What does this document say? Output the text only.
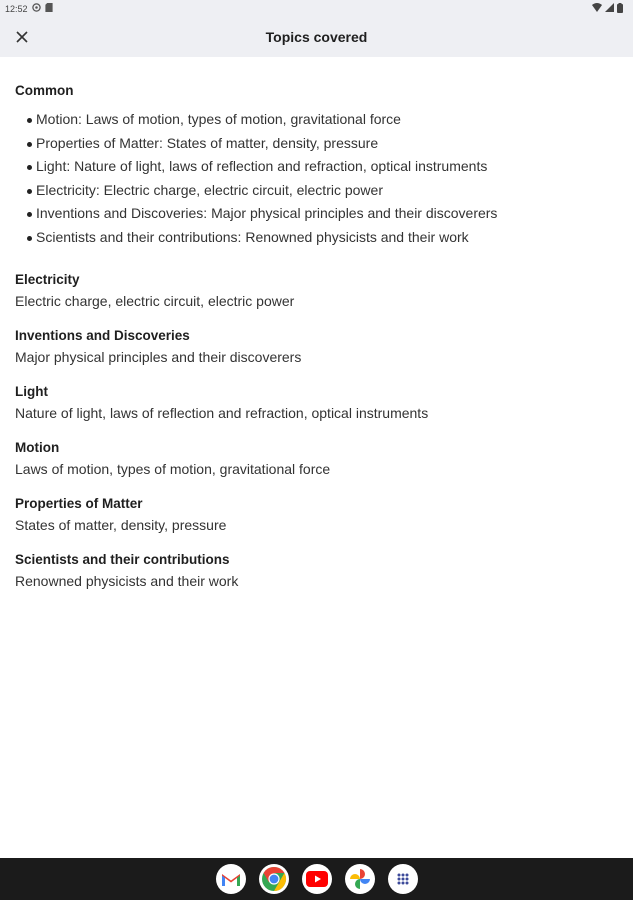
12:52
Topics covered
Common
Motion: Laws of motion, types of motion, gravitational force
Properties of Matter: States of matter, density, pressure
Light: Nature of light, laws of reflection and refraction, optical instruments
Electricity: Electric charge, electric circuit, electric power
Inventions and Discoveries: Major physical principles and their discoverers
Scientists and their contributions: Renowned physicists and their work
Electricity
Electric charge, electric circuit, electric power
Inventions and Discoveries
Major physical principles and their discoverers
Light
Nature of light, laws of reflection and refraction, optical instruments
Motion
Laws of motion, types of motion, gravitational force
Properties of Matter
States of matter, density, pressure
Scientists and their contributions
Renowned physicists and their work
